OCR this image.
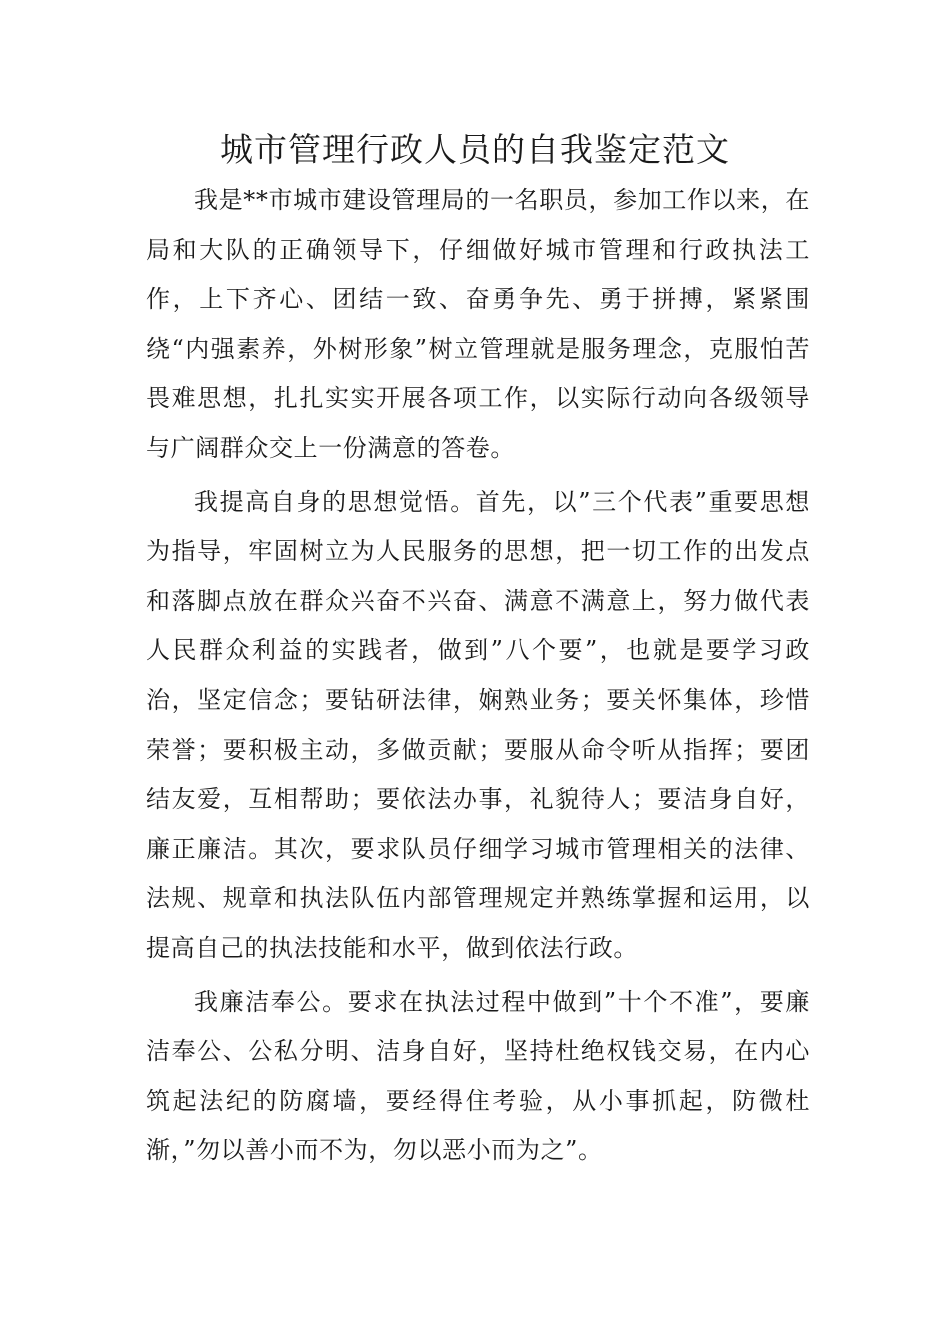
城市管理行政人员的自我鉴定范文

我是**市城市建设管理局的一名职员，参加工作以来，在局和大队的正确领导下，仔细做好城市管理和行政执法工作，上下齐心、团结一致、奋勇争先、勇于拼搏，紧紧围绕“内强素养，外树形象”树立管理就是服务理念，克服怕苦畏难思想，扎扎实实开展各项工作，以实际行动向各级领导与广阔群众交上一份满意的答卷。

我提高自身的思想觉悟。首先，以”三个代表”重要思想为指导，牢固树立为人民服务的思想，把一切工作的出发点和落脚点放在群众兴奋不兴奋、满意不满意上，努力做代表人民群众利益的实践者，做到”八个要”，也就是要学习政治，坚定信念；要钻研法律，娴熟业务；要关怀集体，珍惜荣誉；要积极主动，多做贡献；要服从命令听从指挥；要团结友爱，互相帮助；要依法办事，礼貌待人；要洁身自好，廉正廉洁。其次，要求队员仔细学习城市管理相关的法律、法规、规章和执法队伍内部管理规定并熟练掌握和运用，以提高自己的执法技能和水平，做到依法行政。

我廉洁奉公。要求在执法过程中做到”十个不准”，要廉洁奉公、公私分明、洁身自好，坚持杜绝权钱交易，在内心筑起法纪的防腐墙，要经得住考验，从小事抓起，防微杜渐，”勿以善小而不为，勿以恶小而为之”。
